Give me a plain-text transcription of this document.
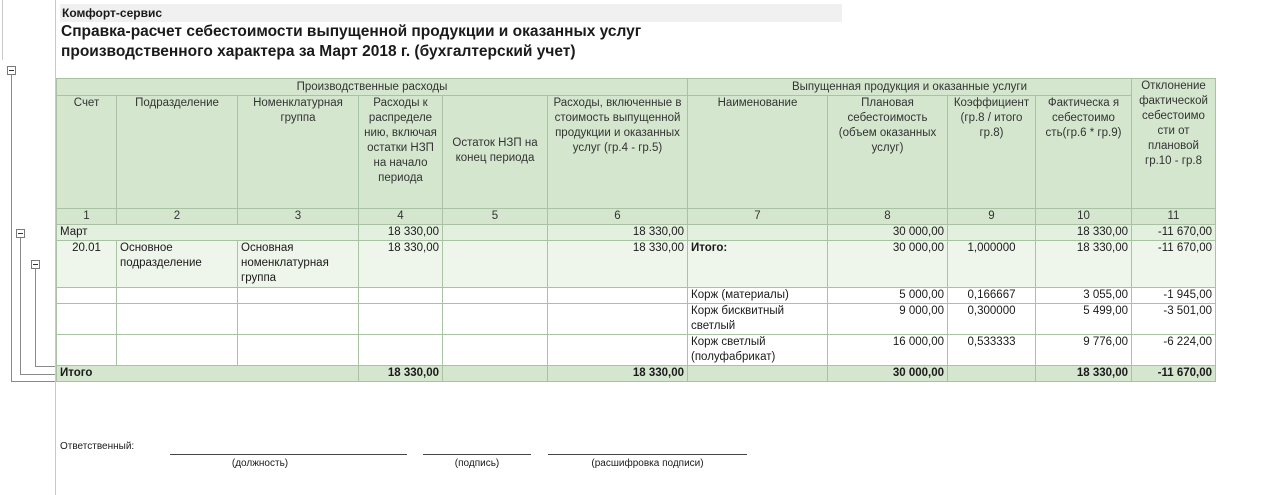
Комфорт-сервис
Справка-расчет себестоимости выпущенной продукции и оказанных услуг
производственного характера за Март 2018 г. (бухгалтерский учет)
Производственные расходы						Выпущенная продукция и оказанные услуги				Отклонение фактической себестоимо сти от плановой гр.10 - гр.8
Счет	Подразделение	Номенклатурная группа	Расходы к распределе нию, включая остатки НЗП на начало периода	Остаток НЗП на конец периода	Расходы, включенные в стоимость выпущенной продукции и оказанных услуг (гр.4 - гр.5)	Наименование	Плановая себестоимость (объем оказанных услуг)	Коэффициент (гр.8 / итого гр.8)	Фактическа я себестоимо сть(гр.6 * гр.9)	
1	2	3	4	5	6	7	8	9	10	11
Март			18 330,00		18 330,00		30 000,00		18 330,00	-11 670,00
20.01	Основное подразделение	Основная номенклатурная группа	18 330,00		18 330,00	Итого:	30 000,00	1,000000	18 330,00	-11 670,00
						Корж (материалы)	5 000,00	0,166667	3 055,00	-1 945,00
						Корж бисквитный светлый	9 000,00	0,300000	5 499,00	-3 501,00
						Корж светлый (полуфабрикат)	16 000,00	0,533333	9 776,00	-6 224,00
Итого			18 330,00		18 330,00		30 000,00		18 330,00	-11 670,00
Ответственный:
(должность)	(подпись)	(расшифровка подписи)
